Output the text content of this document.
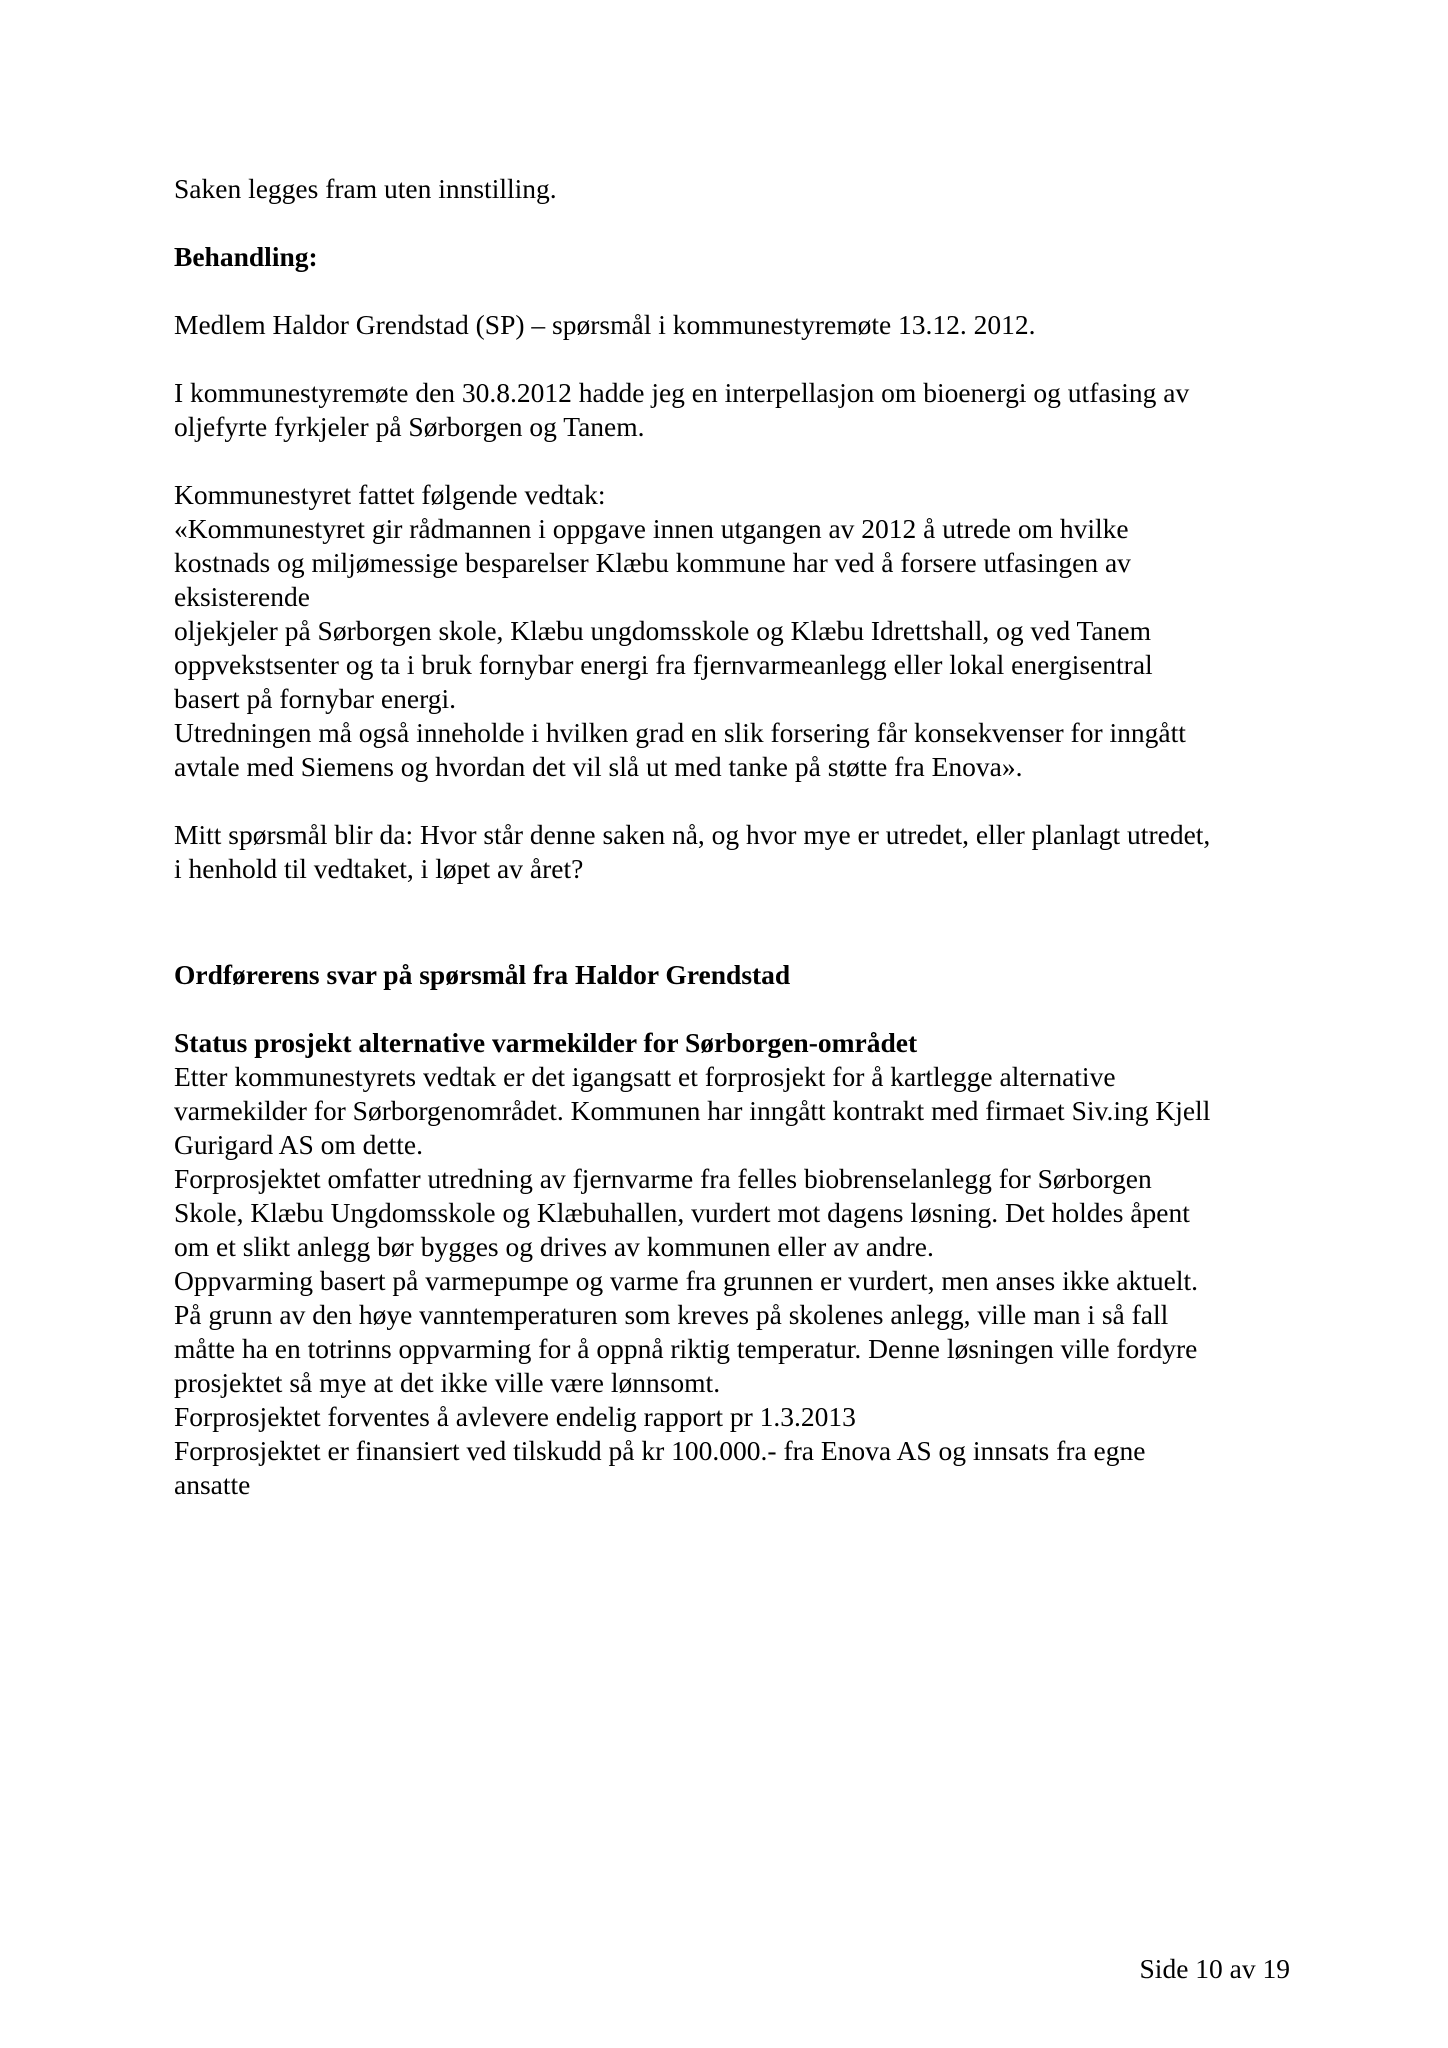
Saken legges fram uten innstilling.
Behandling:
Medlem Haldor Grendstad (SP) – spørsmål i kommunestyremøte 13.12. 2012.
I kommunestyremøte den 30.8.2012 hadde jeg en interpellasjon om bioenergi og utfasing av
oljefyrte fyrkjeler på Sørborgen og Tanem.
Kommunestyret fattet følgende vedtak:
«Kommunestyret gir rådmannen i oppgave innen utgangen av 2012 å utrede om hvilke
kostnads og miljømessige besparelser Klæbu kommune har ved å forsere utfasingen av
eksisterende
oljekjeler på Sørborgen skole, Klæbu ungdomsskole og Klæbu Idrettshall, og ved Tanem
oppvekstsenter og ta i bruk fornybar energi fra fjernvarmeanlegg eller lokal energisentral
basert på fornybar energi.
Utredningen må også inneholde i hvilken grad en slik forsering får konsekvenser for inngått
avtale med Siemens og hvordan det vil slå ut med tanke på støtte fra Enova».
Mitt spørsmål blir da: Hvor står denne saken nå, og hvor mye er utredet, eller planlagt utredet,
i henhold til vedtaket, i løpet av året?
Ordførerens svar på spørsmål fra Haldor Grendstad
Status prosjekt alternative varmekilder for Sørborgen-området
Etter kommunestyrets vedtak er det igangsatt et forprosjekt for å kartlegge alternative
varmekilder for Sørborgenområdet. Kommunen har inngått kontrakt med firmaet Siv.ing Kjell
Gurigard AS om dette.
Forprosjektet omfatter utredning av fjernvarme fra felles biobrenselanlegg for Sørborgen
Skole, Klæbu Ungdomsskole og Klæbuhallen, vurdert mot dagens løsning. Det holdes åpent
om et slikt anlegg bør bygges og drives av kommunen eller av andre.
Oppvarming basert på varmepumpe og varme fra grunnen er vurdert, men anses ikke aktuelt.
På grunn av den høye vanntemperaturen som kreves på skolenes anlegg, ville man i så fall
måtte ha en totrinns oppvarming for å oppnå riktig temperatur. Denne løsningen ville fordyre
prosjektet så mye at det ikke ville være lønnsomt.
Forprosjektet forventes å avlevere endelig rapport pr 1.3.2013
Forprosjektet er finansiert ved tilskudd på kr 100.000.- fra Enova AS og innsats fra egne
ansatte
Side 10 av 19
